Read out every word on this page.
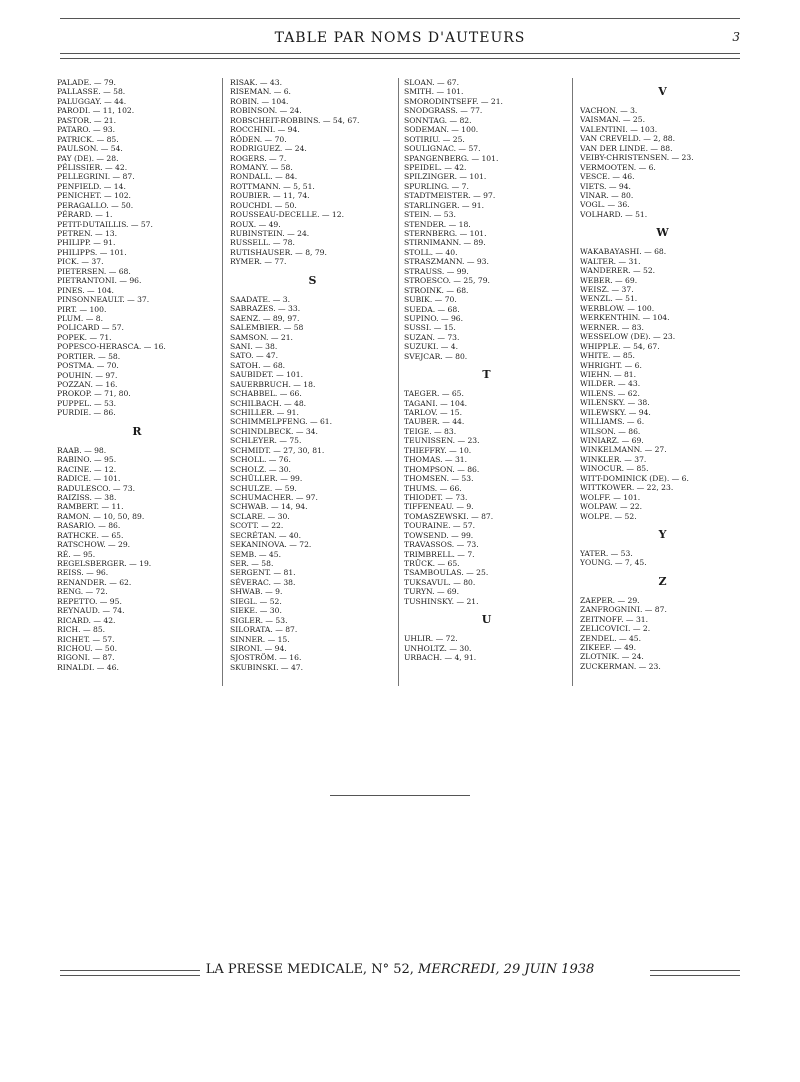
TABLE PAR NOMS D'AUTEURS	3
PALADE. — 79.
PALLASSE. — 58.
PALUGGAY. — 44.
PARODI. — 11, 102.
PASTOR. — 21.
PATARO. — 93.
PATRICK. — 85.
PAULSON. — 54.
PAY (DE). — 28.
PÉLISSIER. — 42.
PELLEGRINI. — 87.
PENFIELD. — 14.
PENICHET. — 102.
PERAGALLO. — 50.
PÉRARD. — 1.
PETIT-DUTAILLIS. — 57.
PETREN. — 13.
PHILIPP. — 91.
PHILIPPS. — 101.
PICK. — 37.
PIETERSEN. — 68.
PIETRANTONI. — 96.
PINES. — 104.
PINSONNEAULT. — 37.
PIRT. — 100.
PLUM. — 8.
POLICARD — 57.
POPEK. — 71.
POPESCO-HERASCA. — 16.
PORTIER. — 58.
POSTMA. — 70.
POUHIN. — 97.
POZZAN. — 16.
PROKOP. — 71, 80.
PUPPEL. — 53.
PURDIE. — 86.
R
RAAB. — 98.
RABINO. — 95.
RACINE. — 12.
RADICE. — 101.
RADULESCO. — 73.
RAIZISS. — 38.
RAMBERT. — 11.
RAMON. — 10, 50, 89.
RASARIO. — 86.
RATHCKE. — 65.
RATSCHOW. — 29.
RÉ. — 95.
REGELSBERGER. — 19.
REISS. — 96.
RENANDER. — 62.
RENG. — 72.
REPETTO. — 95.
REYNAUD. — 74.
RICARD. — 42.
RICH. — 85.
RICHET. — 57.
RICHOU. — 50.
RIGONI. — 87.
RINALDI. — 46.
RISAK. — 43.
RISEMAN. — 6.
ROBIN. — 104.
ROBINSON. — 24.
ROBSCHEIT-ROBBINS. — 54, 67.
ROCCHINI. — 94.
RÖDEN. — 70.
RODRIGUEZ. — 24.
ROGERS. — 7.
ROMANY. — 58.
RONDALL. — 84.
ROTTMANN. — 5, 51.
ROUBIER. — 11, 74.
ROUCHDI. — 50.
ROUSSEAU-DECELLE. — 12.
ROUX. — 49.
RUBINSTEIN. — 24.
RUSSELL. — 78.
RUTISHAUSER. — 8, 79.
RYMER. — 77.
S
SAADATE. — 3.
SABRAZES. — 33.
SAENZ. — 89, 97.
SALEMBIER. — 58
SAMSON. — 21.
SANI. — 38.
SATO. — 47.
SATOH. — 68.
SAUBIDET. — 101.
SAUERBRUCH. — 18.
SCHABBEL. — 66.
SCHILBACH. — 48.
SCHILLER. — 91.
SCHIMMELPFENG. — 61.
SCHINDLBECK. — 34.
SCHLEYER. — 75.
SCHMIDT. — 27, 30, 81.
SCHOLL. — 76.
SCHOLZ. — 30.
SCHÜLLER. — 99.
SCHULZE. — 59.
SCHUMACHER. — 97.
SCHWAB. — 14, 94.
SCLARE. — 30.
SCOTT. — 22.
SECRÉTAN. — 40.
SEKANINOVA. — 72.
SEMB. — 45.
SER. — 58.
SERGENT. — 81.
SÉVERAC. — 38.
SHWAB. — 9.
SIEGL. — 52.
SIEKE. — 30.
SIGLER. — 53.
SILORATA. — 87.
SINNER. — 15.
SIRONI. — 94.
SJOSTRÖM. — 16.
SKUBINSKI. — 47.
SLOAN. — 67.
SMITH. — 101.
SMORODINTSEFF. — 21.
SNODGRASS. — 77.
SONNTAG. — 82.
SODEMAN. — 100.
SOTIRIU. — 25.
SOULIGNAC. — 57.
SPANGENBERG. — 101.
SPEIDEL. — 42.
SPILZINGER. — 101.
SPURLING. — 7.
STADTMEISTER. — 97.
STARLINGER. — 91.
STEIN. — 53.
STENDER. — 18.
STERNBERG. — 101.
STIRNIMANN. — 89.
STOLL. — 40.
STRASZMANN. — 93.
STRAUSS. — 99.
STROESCO. — 25, 79.
STROINK. — 68.
SUBIK. — 70.
SUEDA. — 68.
SUPINO. — 96.
SUSSI. — 15.
SUZAN. — 73.
SUZUKI. — 4.
SVEJCAR. — 80.
T
TAEGER. — 65.
TAGANI. — 104.
TARLOV. — 15.
TAUBER. — 44.
TEIGE. — 83.
TEUNISSEN. — 23.
THIEFFRY. — 10.
THOMAS. — 31.
THOMPSON. — 86.
THOMSEN. — 53.
THUMS. — 66.
THIODET. — 73.
TIFFENEAU. — 9.
TOMASZEWSKI. — 87.
TOURAINE. — 57.
TOWSEND. — 99.
TRAVASSOS. — 73.
TRIMBRELL. — 7.
TRÜCK. — 65.
TSAMBOULAS. — 25.
TUKSAVUL. — 80.
TURYN. — 69.
TUSHINSKY. — 21.
U
UHLIR. — 72.
UNHOLTZ. — 30.
URBACH. — 4, 91.
V
VACHON. — 3.
VAISMAN. — 25.
VALENTINI. — 103.
VAN CREVELD. — 2, 88.
VAN DER LINDE. — 88.
VEIBY-CHRISTENSEN. — 23.
VERMOOTEN. — 6.
VESCE. — 46.
VIETS. — 94.
VINAR. — 80.
VOGL. — 36.
VOLHARD. — 51.
W
WAKABAYASHI. — 68.
WALTER. — 31.
WANDERER. — 52.
WEBER. — 69.
WEISZ. — 37.
WENZL. — 51.
WERBLOW. — 100.
WERKENTHIN. — 104.
WERNER. — 83.
WESSELOW (DE). — 23.
WHIPPLE. — 54, 67.
WHITE. — 85.
WHRIGHT. — 6.
WIEHN. — 81.
WILDER. — 43.
WILENS. — 62.
WILENSKY. — 38.
WILEWSKY. — 94.
WILLIAMS. — 6.
WILSON. — 86.
WINIARZ. — 69.
WINKELMANN. — 27.
WINKLER. — 37.
WINOCUR. — 85.
WITT-DOMINICK (DE). — 6.
WITTKOWER. — 22, 23.
WOLFF. — 101.
WOLPAW. — 22.
WOLPE. — 52.
Y
YATER. — 53.
YOUNG. — 7, 45.
Z
ZAEPER. — 29.
ZANFROGNINI. — 87.
ZEITNOFF. — 31.
ZELICOVICI. — 2.
ZENDEL. — 45.
ZIKEEF. — 49.
ZLOTNIK. — 24.
ZUCKERMAN. — 23.
LA PRESSE MEDICALE, N° 52, MERCREDI, 29 JUIN 1938
